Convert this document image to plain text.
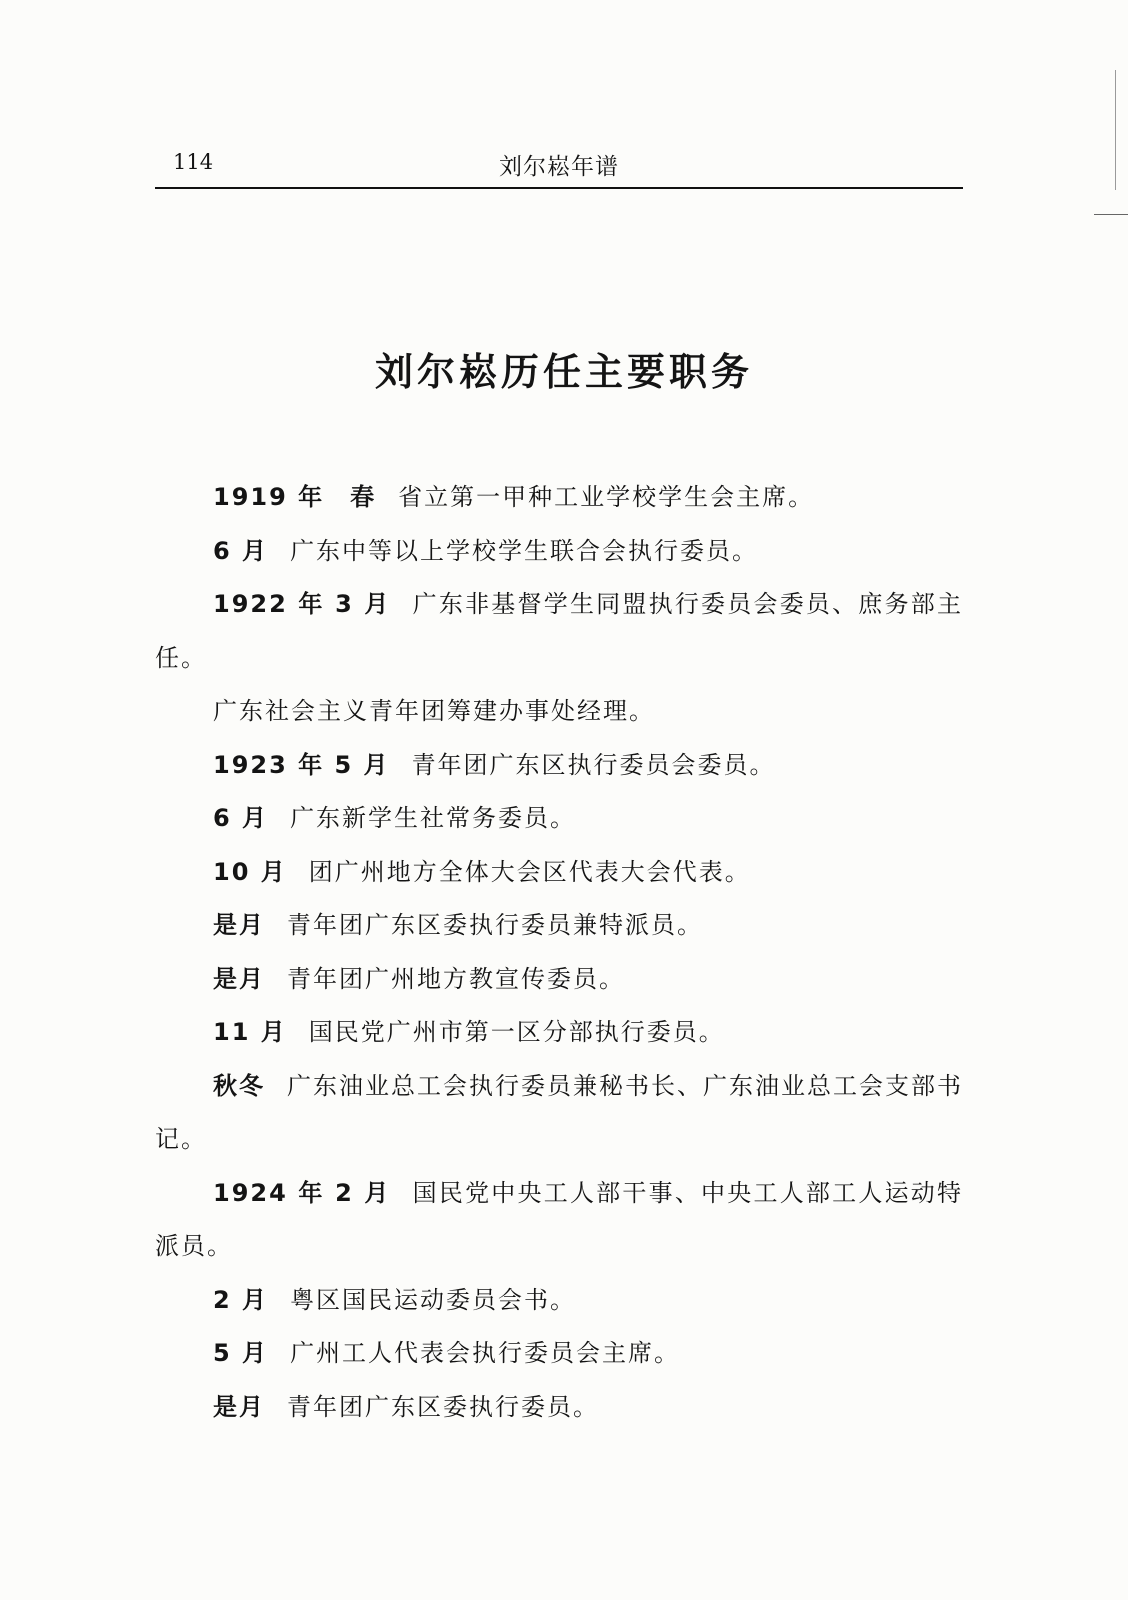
114	刘尔崧年谱
刘尔崧历任主要职务

1919 年　春 省立第一甲种工业学校学生会主席。

6 月 广东中等以上学校学生联合会执行委员。

1922 年 3 月 广东非基督学生同盟执行委员会委员、庶务部主任。

广东社会主义青年团筹建办事处经理。

1923 年 5 月 青年团广东区执行委员会委员。

6 月 广东新学生社常务委员。

10 月 团广州地方全体大会区代表大会代表。

是月 青年团广东区委执行委员兼特派员。

是月 青年团广州地方教宣传委员。

11 月 国民党广州市第一区分部执行委员。

秋冬 广东油业总工会执行委员兼秘书长、广东油业总工会支部书记。

1924 年 2 月 国民党中央工人部干事、中央工人部工人运动特派员。

2 月 粤区国民运动委员会书。

5 月 广州工人代表会执行委员会主席。

是月 青年团广东区委执行委员。
